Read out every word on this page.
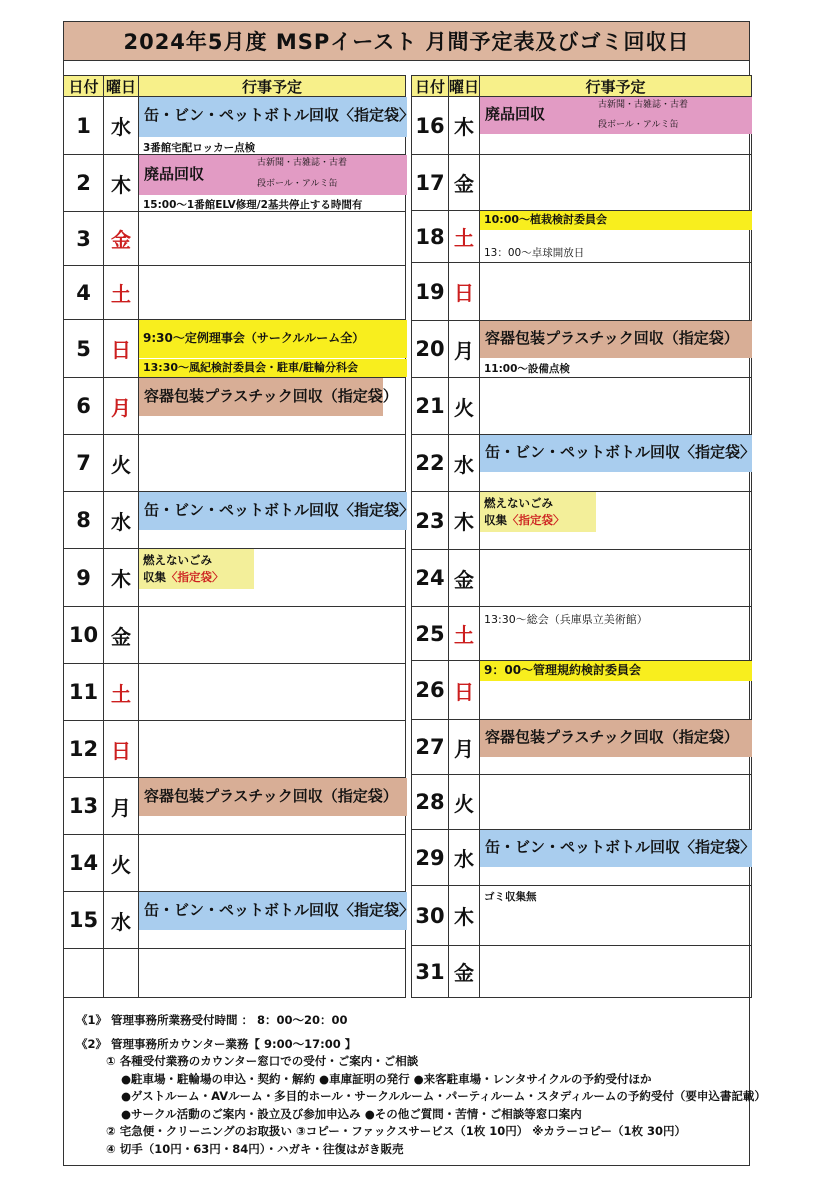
2024年5月度 MSPイースト 月間予定表及びゴミ回収日
日付 曜日	行事予定
1	水 缶・ビン・ペットボトル回収〈指定袋〉
3番館宅配ロッカー点検
2	木 廃品回収
古新聞・古雑誌・古着
段ボール・アルミ缶
15:00～1番館ELV修理/2基共停止する時間有
3	金
4	土
5	日	9:30～定例理事会（サークルルーム全）
13:30～風紀検討委員会・駐車/駐輪分科会
6	月 容器包装プラスチック回収（指定袋）
7	火
8	水 缶・ビン・ペットボトル回収〈指定袋〉
9	木
燃えないごみ
収集〈指定袋〉
10 金
11 土
12 日
13 月 容器包装プラスチック回収（指定袋）
14 火
15 水 缶・ビン・ペットボトル回収〈指定袋〉
日付 曜日	行事予定
16 木
廃品回収	古新聞・古雑誌・古着
段ボール・アルミ缶
17 金
18 土
10:00～植栽検討委員会
13：00～卓球開放日
19 日
20 月
容器包装プラスチック回収（指定袋）
11:00～設備点検
21 火
22 水
缶・ビン・ペットボトル回収〈指定袋〉
23 木
燃えないごみ
収集〈指定袋〉
24 金
25 土
13:30～総会（兵庫県立美術館）
26 日
9：00～管理規約検討委員会
27 月 容器包装プラスチック回収（指定袋）
28 火
29 水 缶・ビン・ペットボトル回収〈指定袋〉
30 木
ゴミ収集無
31 金
《1》 管理事務所業務受付時間 ： 8：00～20：00
《2》 管理事務所カウンター業務【 9:00～17:00 】
① 各種受付業務のカウンター窓口での受付・ご案内・ご相談
●駐車場・駐輪場の申込・契約・解約 ●車庫証明の発行 ●来客駐車場・レンタサイクルの予約受付ほか
●ゲストルーム・AVルーム・多目的ホール・サークルルーム・パーティルーム・スタディルームの予約受付（要申込書記載）
●サークル活動のご案内・設立及び参加申込み ●その他ご質問・苦情・ご相談等窓口案内
② 宅急便・クリーニングのお取扱い ③コピー・ファックスサービス（1枚 10円） ※カラーコピー（1枚 30円）
④ 切手（10円・63円・84円）・ハガキ・往復はがき販売
